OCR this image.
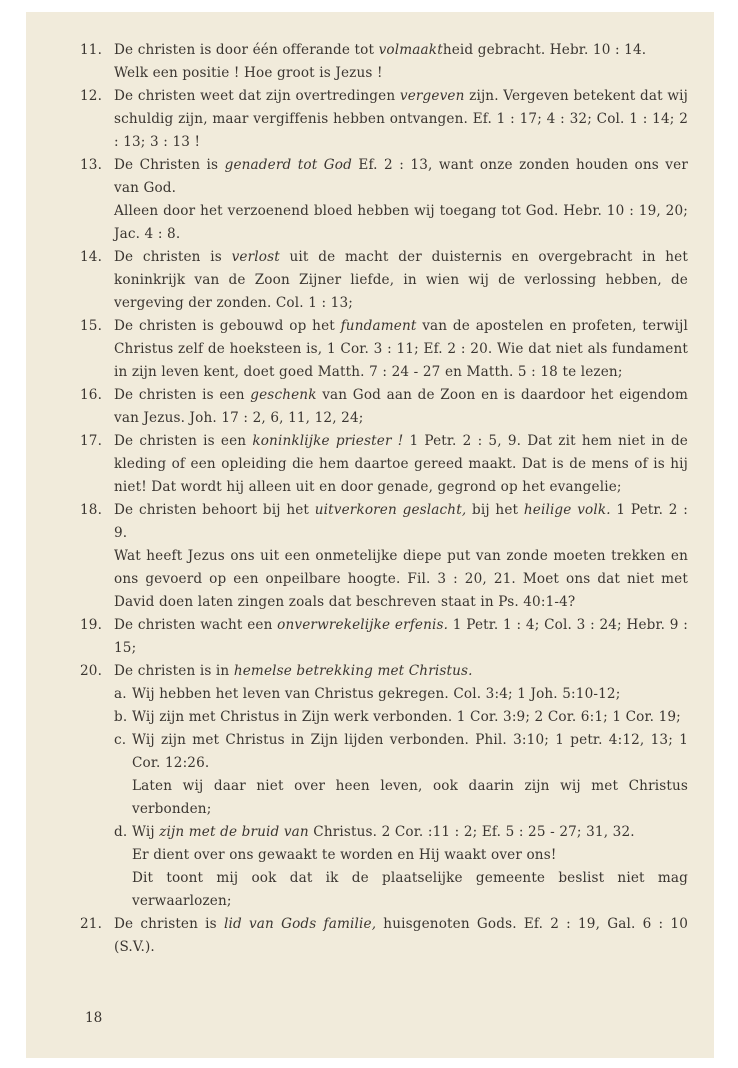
11. De christen is door één offerande tot volmaaktheid gebracht. Hebr. 10 : 14.

Welk een positie ! Hoe groot is Jezus !

12. De christen weet dat zijn overtredingen vergeven zijn. Vergeven betekent dat wij schuldig zijn, maar vergiffenis hebben ontvangen. Ef. 1 : 17; 4 : 32; Col. 1 : 14; 2 : 13; 3 : 13 !

13. De Christen is genaderd tot God Ef. 2 : 13, want onze zonden houden ons ver van God.

Alleen door het verzoenend bloed hebben wij toegang tot God. Hebr. 10 : 19, 20; Jac. 4 : 8.

14. De christen is verlost uit de macht der duisternis en overgebracht in het koninkrijk van de Zoon Zijner liefde, in wien wij de verlossing hebben, de vergeving der zonden. Col. 1 : 13;

15. De christen is gebouwd op het fundament van de apostelen en profeten, terwijl Christus zelf de hoeksteen is, 1 Cor. 3 : 11; Ef. 2 : 20. Wie dat niet als fundament in zijn leven kent, doet goed Matth. 7 : 24 - 27 en Matth. 5 : 18 te lezen;

16. De christen is een geschenk van God aan de Zoon en is daardoor het eigendom van Jezus. Joh. 17 : 2, 6, 11, 12, 24;

17. De christen is een koninklijke priester ! 1 Petr. 2 : 5, 9. Dat zit hem niet in de kleding of een opleiding die hem daartoe gereed maakt. Dat is de mens of is hij niet! Dat wordt hij alleen uit en door genade, gegrond op het evangelie;

18. De christen behoort bij het uitverkoren geslacht, bij het heilige volk. 1 Petr. 2 : 9.

Wat heeft Jezus ons uit een onmetelijke diepe put van zonde moeten trekken en ons gevoerd op een onpeilbare hoogte. Fil. 3 : 20, 21. Moet ons dat niet met David doen laten zingen zoals dat beschreven staat in Ps. 40:1-4?

19. De christen wacht een onverwrekelijke erfenis. 1 Petr. 1 : 4; Col. 3 : 24; Hebr. 9 : 15;

20. De christen is in hemelse betrekking met Christus.

a. Wij hebben het leven van Christus gekregen. Col. 3:4; 1 Joh. 5:10-12;

b. Wij zijn met Christus in Zijn werk verbonden. 1 Cor. 3:9; 2 Cor. 6:1; 1 Cor. 19;

c. Wij zijn met Christus in Zijn lijden verbonden. Phil. 3:10; 1 petr. 4:12, 13; 1 Cor. 12:26.

Laten wij daar niet over heen leven, ook daarin zijn wij met Christus verbonden;

d. Wij zijn met de bruid van Christus. 2 Cor. :11 : 2; Ef. 5 : 25 - 27; 31, 32.

Er dient over ons gewaakt te worden en Hij waakt over ons!

Dit toont mij ook dat ik de plaatselijke gemeente beslist niet mag verwaarlozen;

21. De christen is lid van Gods familie, huisgenoten Gods. Ef. 2 : 19, Gal. 6 : 10 (S.V.).

18
